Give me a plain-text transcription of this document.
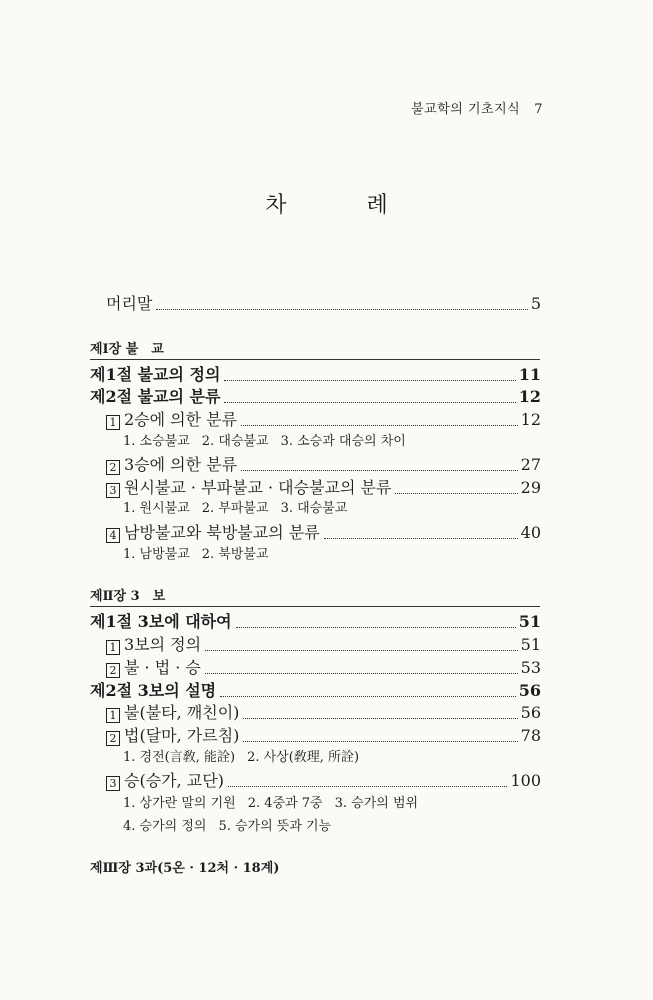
불교학의 기초지식 7
차	례
머리말	5
제Ⅰ장 불　교
제1절 불교의 정의	11
제2절 불교의 분류	12
1 2승에 의한 분류	12
1. 소승불교 2. 대승불교 3. 소승과 대승의 차이
2 3승에 의한 분류	27
3 원시불교 · 부파불교 · 대승불교의 분류	29
1. 원시불교 2. 부파불교 3. 대승불교
4 남방불교와 북방불교의 분류	40
1. 남방불교 2. 북방불교
제Ⅱ장 3　보
제1절 3보에 대하여	51
1 3보의 정의	51
2 불 · 법 · 승	53
제2절 3보의 설명	56
1 불(불타, 깨친이)	56
2 법(달마, 가르침)	78
1. 경전(言敎, 能詮) 2. 사상(敎理, 所詮)
3 승(승가, 교단)	100
1. 상가란 말의 기원 2. 4중과 7중 3. 승가의 범위
4. 승가의 정의 5. 승가의 뜻과 기능
제Ⅲ장 3과(5온 · 12처 · 18계)
